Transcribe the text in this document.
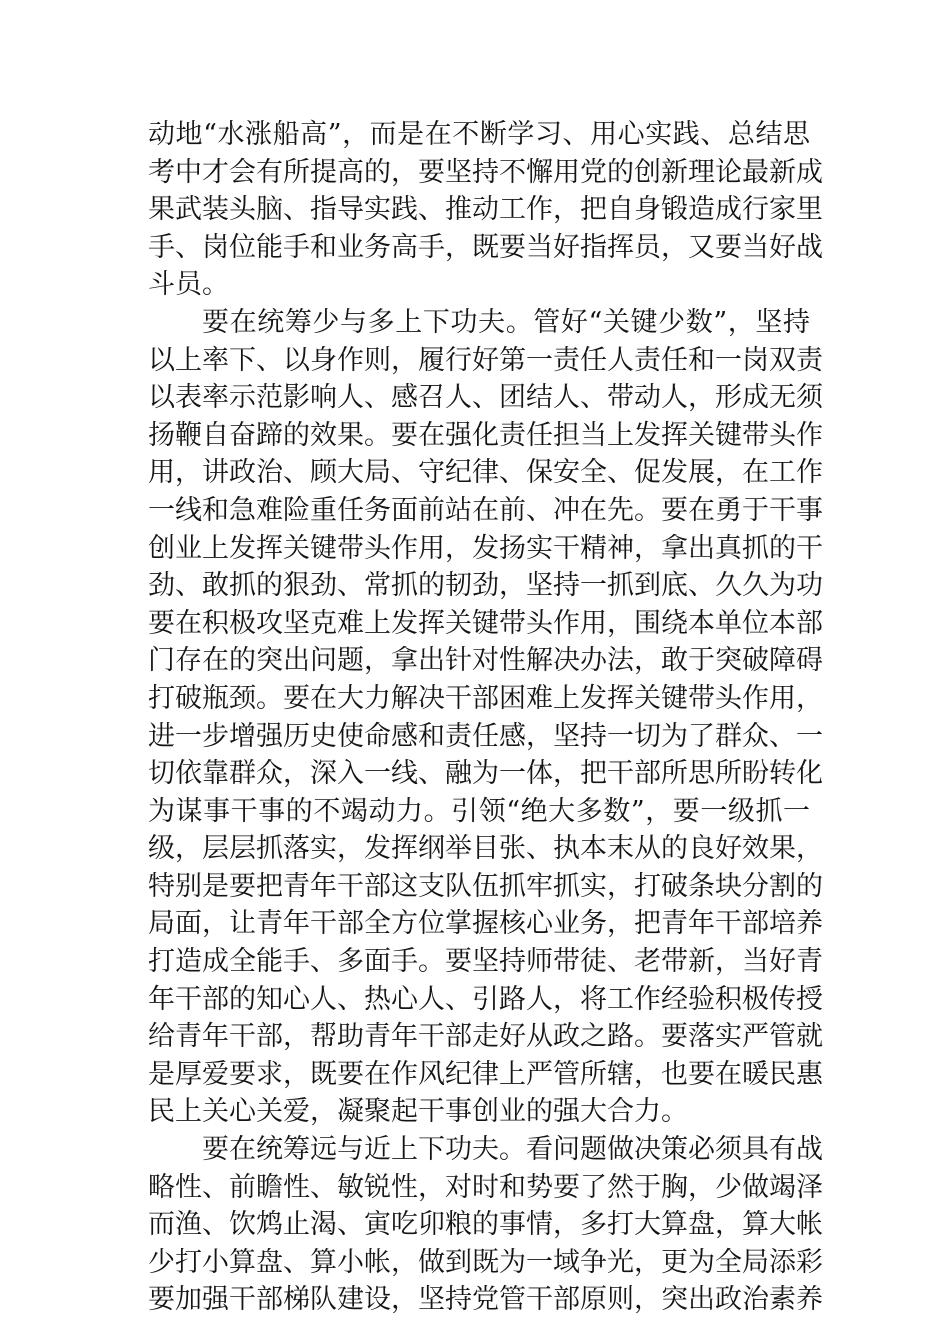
动地“水涨船高”，而是在不断学习、用心实践、总结思
考中才会有所提高的，要坚持不懈用党的创新理论最新成
果武装头脑、指导实践、推动工作，把自身锻造成行家里
手、岗位能手和业务高手，既要当好指挥员，又要当好战
斗员。
要在统筹少与多上下功夫。管好“关键少数”，坚持
以上率下、以身作则，履行好第一责任人责任和一岗双责
以表率示范影响人、感召人、团结人、带动人，形成无须
扬鞭自奋蹄的效果。要在强化责任担当上发挥关键带头作
用，讲政治、顾大局、守纪律、保安全、促发展，在工作
一线和急难险重任务面前站在前、冲在先。要在勇于干事
创业上发挥关键带头作用，发扬实干精神，拿出真抓的干
劲、敢抓的狠劲、常抓的韧劲，坚持一抓到底、久久为功
要在积极攻坚克难上发挥关键带头作用，围绕本单位本部
门存在的突出问题，拿出针对性解决办法，敢于突破障碍
打破瓶颈。要在大力解决干部困难上发挥关键带头作用，
进一步增强历史使命感和责任感，坚持一切为了群众、一
切依靠群众，深入一线、融为一体，把干部所思所盼转化
为谋事干事的不竭动力。引领“绝大多数”，要一级抓一
级，层层抓落实，发挥纲举目张、执本末从的良好效果，
特别是要把青年干部这支队伍抓牢抓实，打破条块分割的
局面，让青年干部全方位掌握核心业务，把青年干部培养
打造成全能手、多面手。要坚持师带徒、老带新，当好青
年干部的知心人、热心人、引路人，将工作经验积极传授
给青年干部，帮助青年干部走好从政之路。要落实严管就
是厚爱要求，既要在作风纪律上严管所辖，也要在暖民惠
民上关心关爱，凝聚起干事创业的强大合力。
要在统筹远与近上下功夫。看问题做决策必须具有战
略性、前瞻性、敏锐性，对时和势要了然于胸，少做竭泽
而渔、饮鸩止渴、寅吃卯粮的事情，多打大算盘，算大帐
少打小算盘、算小帐，做到既为一域争光，更为全局添彩
要加强干部梯队建设，坚持党管干部原则，突出政治素养
